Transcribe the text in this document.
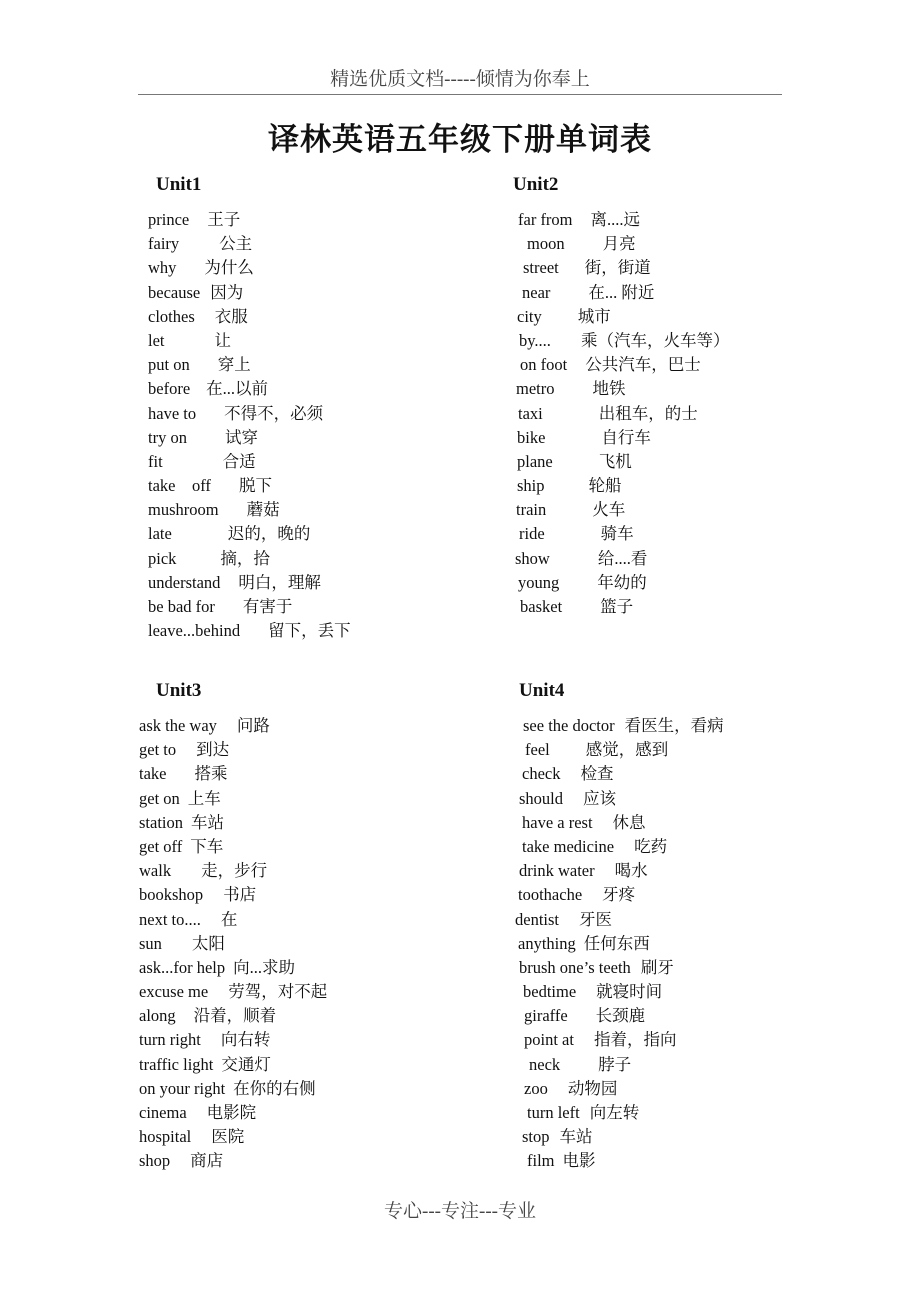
精选优质文档-----倾情为你奉上
译林英语五年级下册单词表
Unit1
prince 王子
fairy 公主
why 为什么
because 因为
clothes 衣服
let	让
put on 穿上
before 在...以前
have to 不得不，必须
try on 试穿
fit	合适
take    off 脱下
mushroom 蘑菇
late	迟的，晚的
pick	摘，拾
understand 明白，理解
be bad for 有害于
leave...behind 留下，丢下
Unit2
far from 离....远
moon 月亮
street 街，街道
near 在... 附近
city 城市
by.... 乘（汽车，火车等）
on foot 公共汽车，巴士
metro 地铁
taxi	出租车，的士
bike	自行车
plane	飞机
ship	轮船
train	火车
ride	骑车
show	给....看
young 年幼的
basket 篮子
Unit3
ask the way 问路
get to 到达
take 搭乘
get on 上车
station 车站
get off 下车
walk 走，步行
bookshop 书店
next to.... 在
sun 太阳
ask...for help 向...求助
excuse me 劳驾，对不起
along 沿着，顺着
turn right 向右转
traffic light 交通灯
on your right 在你的右侧
cinema 电影院
hospital 医院
shop 商店
Unit4
see the doctor 看医生，看病
feel 感觉，感到
check 检查
should 应该
have a rest 休息
take medicine 吃药
drink water 喝水
toothache 牙疼
dentist 牙医
anything 任何东西
brush one’s teeth 刷牙
bedtime 就寝时间
giraffe 长颈鹿
point at 指着，指向
neck 脖子
zoo 动物园
turn left 向左转
stop 车站
film 电影
专心---专注---专业
